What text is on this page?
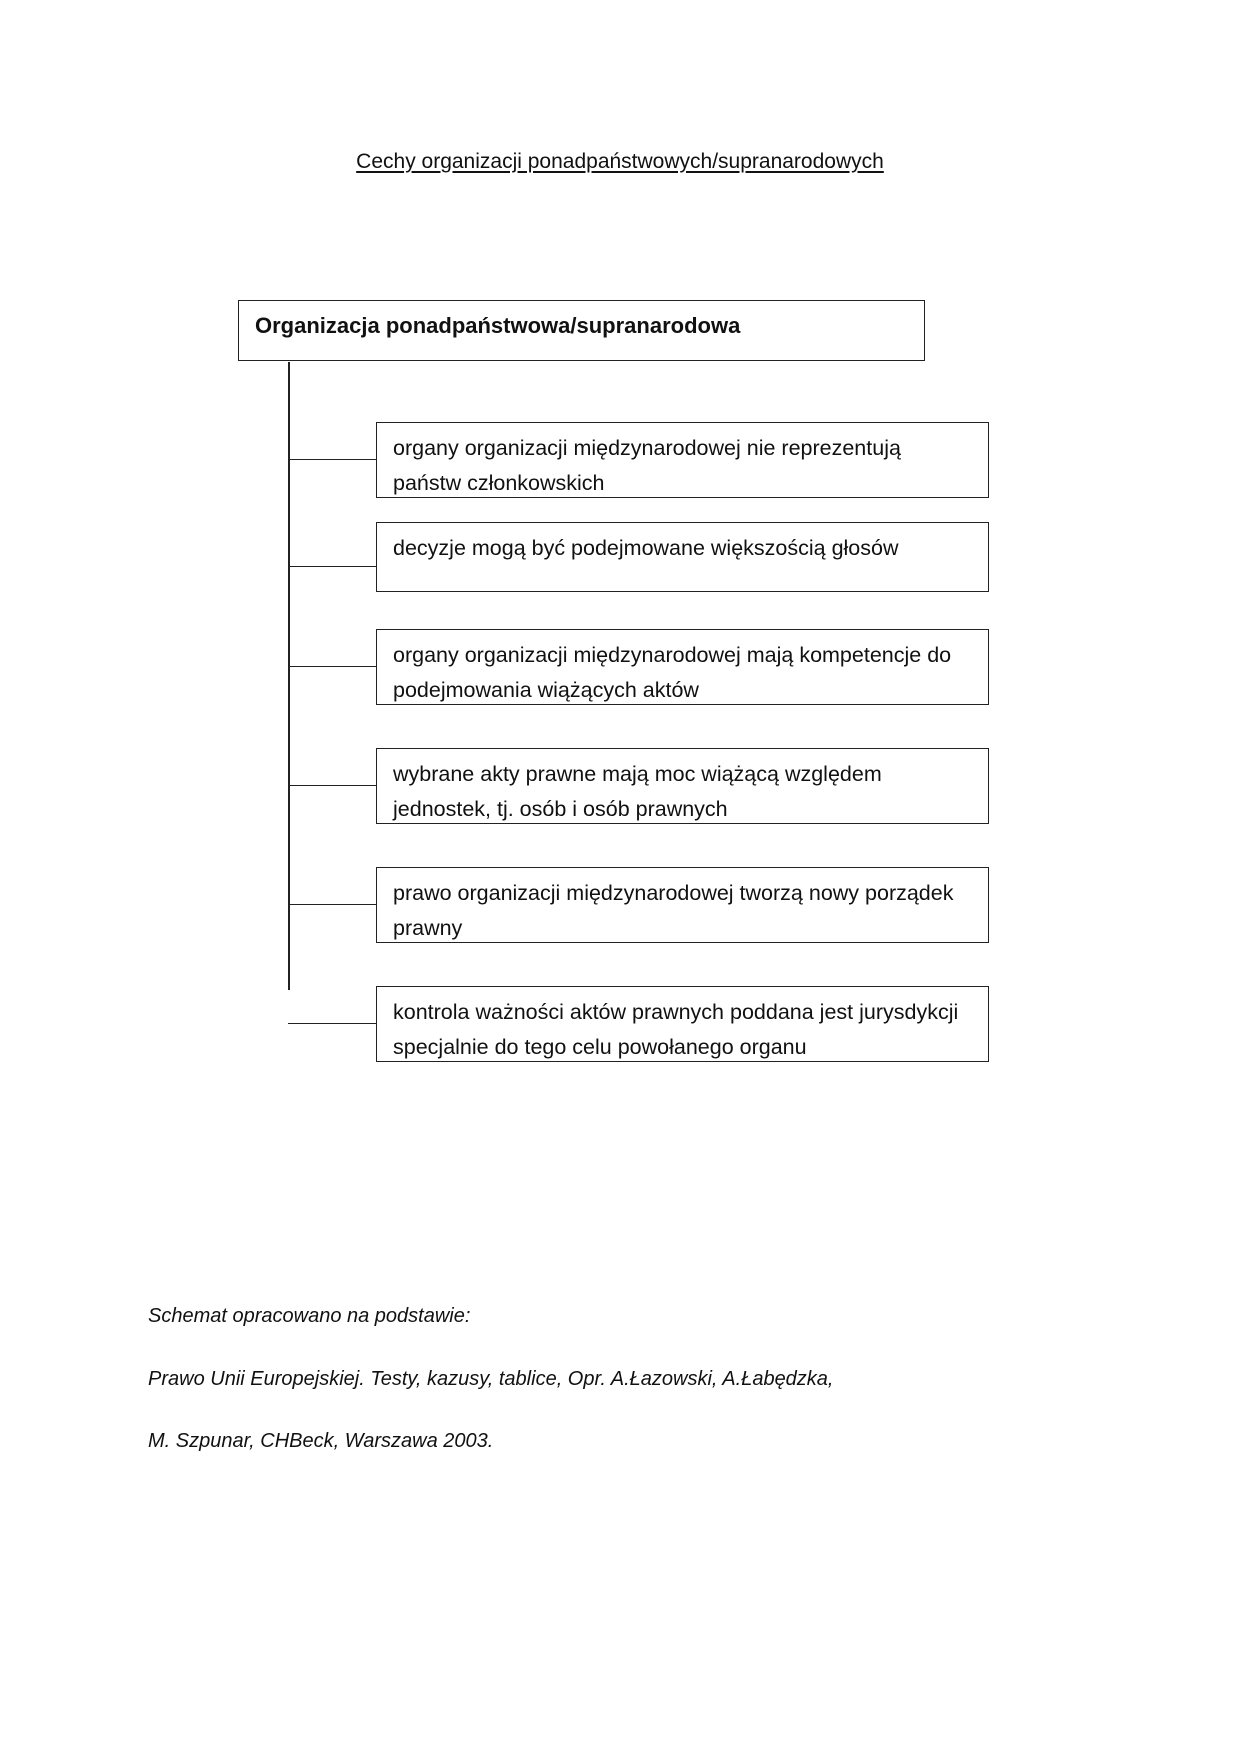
Cechy organizacji ponadpaństwowych/supranarodowych
Organizacja ponadpaństwowa/supranarodowa
organy organizacji międzynarodowej nie reprezentują państw członkowskich
decyzje mogą być podejmowane większością głosów
organy organizacji międzynarodowej mają kompetencje do podejmowania wiążących aktów
wybrane akty prawne mają moc wiążącą względem jednostek, tj. osób i osób prawnych
prawo organizacji międzynarodowej tworzą nowy porządek prawny
kontrola ważności aktów prawnych poddana jest jurysdykcji specjalnie do tego celu powołanego organu
Schemat opracowano na podstawie:
Prawo Unii Europejskiej. Testy, kazusy, tablice, Opr. A.Łazowski, A.Łabędzka,
M. Szpunar, CHBeck, Warszawa 2003.
